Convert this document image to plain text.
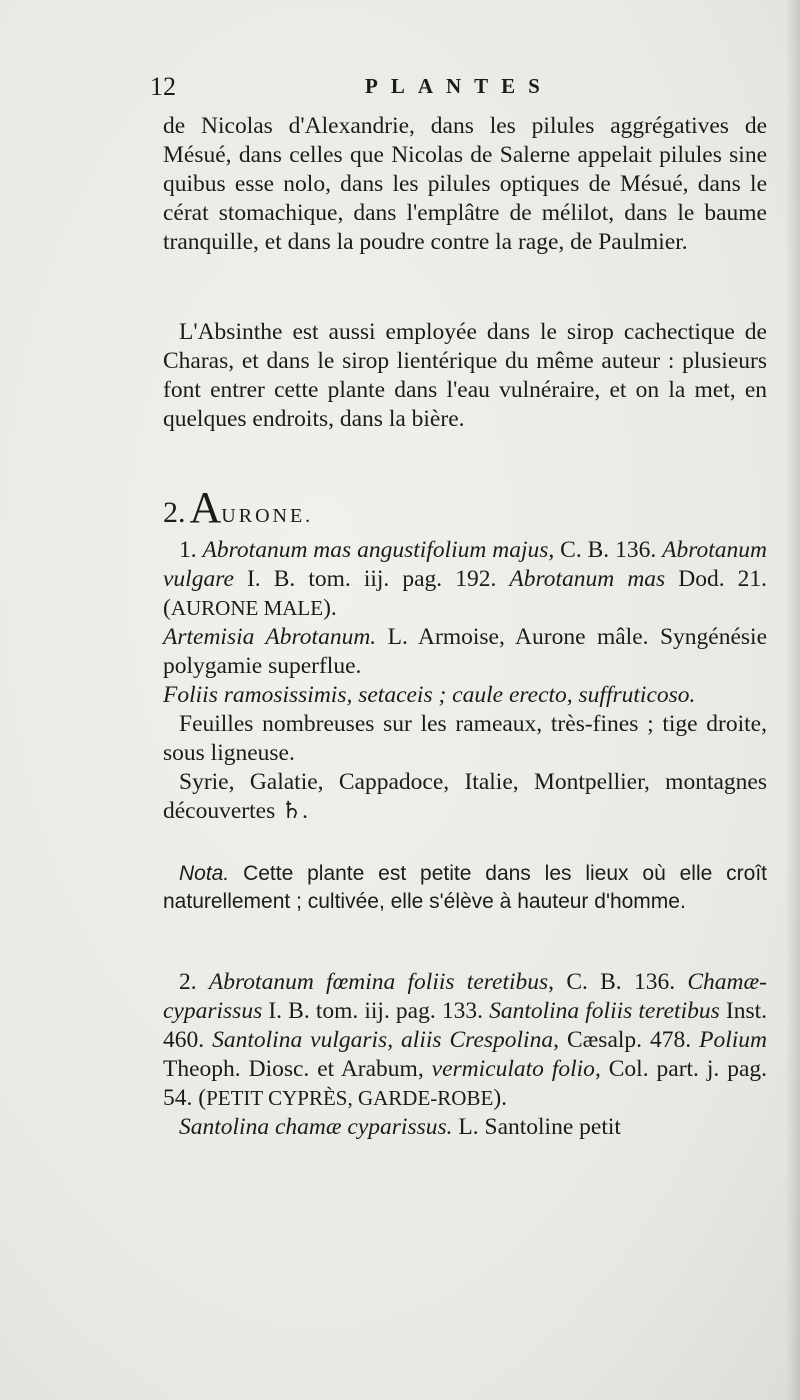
12	PLANTES

de Nicolas d'Alexandrie, dans les pilules aggrégatives de Mésué, dans celles que Nicolas de Salerne appelait pilules sine quibus esse nolo, dans les pilules optiques de Mésué, dans le cérat stomachique, dans l'emplâtre de mélilot, dans le baume tranquille, et dans la poudre contre la rage, de Paulmier.

L'Absinthe est aussi employée dans le sirop cachectique de Charas, et dans le sirop lientérique du même auteur : plusieurs font entrer cette plante dans l'eau vulnéraire, et on la met, en quelques endroits, dans la bière.

2. AURONE.

1. Abrotanum mas angustifolium majus, C. B. 136. Abrotanum vulgare I. B. tom. iij. pag. 192. Abrotanum mas Dod. 21. (AURONE MALE).

Artemisia Abrotanum. L. Armoise, Aurone mâle. Syngénésie polygamie superflue.

Foliis ramosissimis, setaceis ; caule erecto, suffruticoso.

Feuilles nombreuses sur les rameaux, très-fines ; tige droite, sous ligneuse.

Syrie, Galatie, Cappadoce, Italie, Montpellier, montagnes découvertes ♄.

Nota. Cette plante est petite dans les lieux où elle croît naturellement ; cultivée, elle s'élève à hauteur d'homme.

2. Abrotanum fœmina foliis teretibus, C. B. 136. Chamæ-cyparissus I. B. tom. iij. pag. 133. Santolina foliis teretibus Inst. 460. Santolina vulgaris, aliis Crespolina, Cæsalp. 478. Polium Theoph. Diosc. et Arabum, vermiculato folio, Col. part. j. pag. 54. (PETIT CYPRÈS, GARDE-ROBE).

Santolina chamæ cyparissus. L. Santoline petit
